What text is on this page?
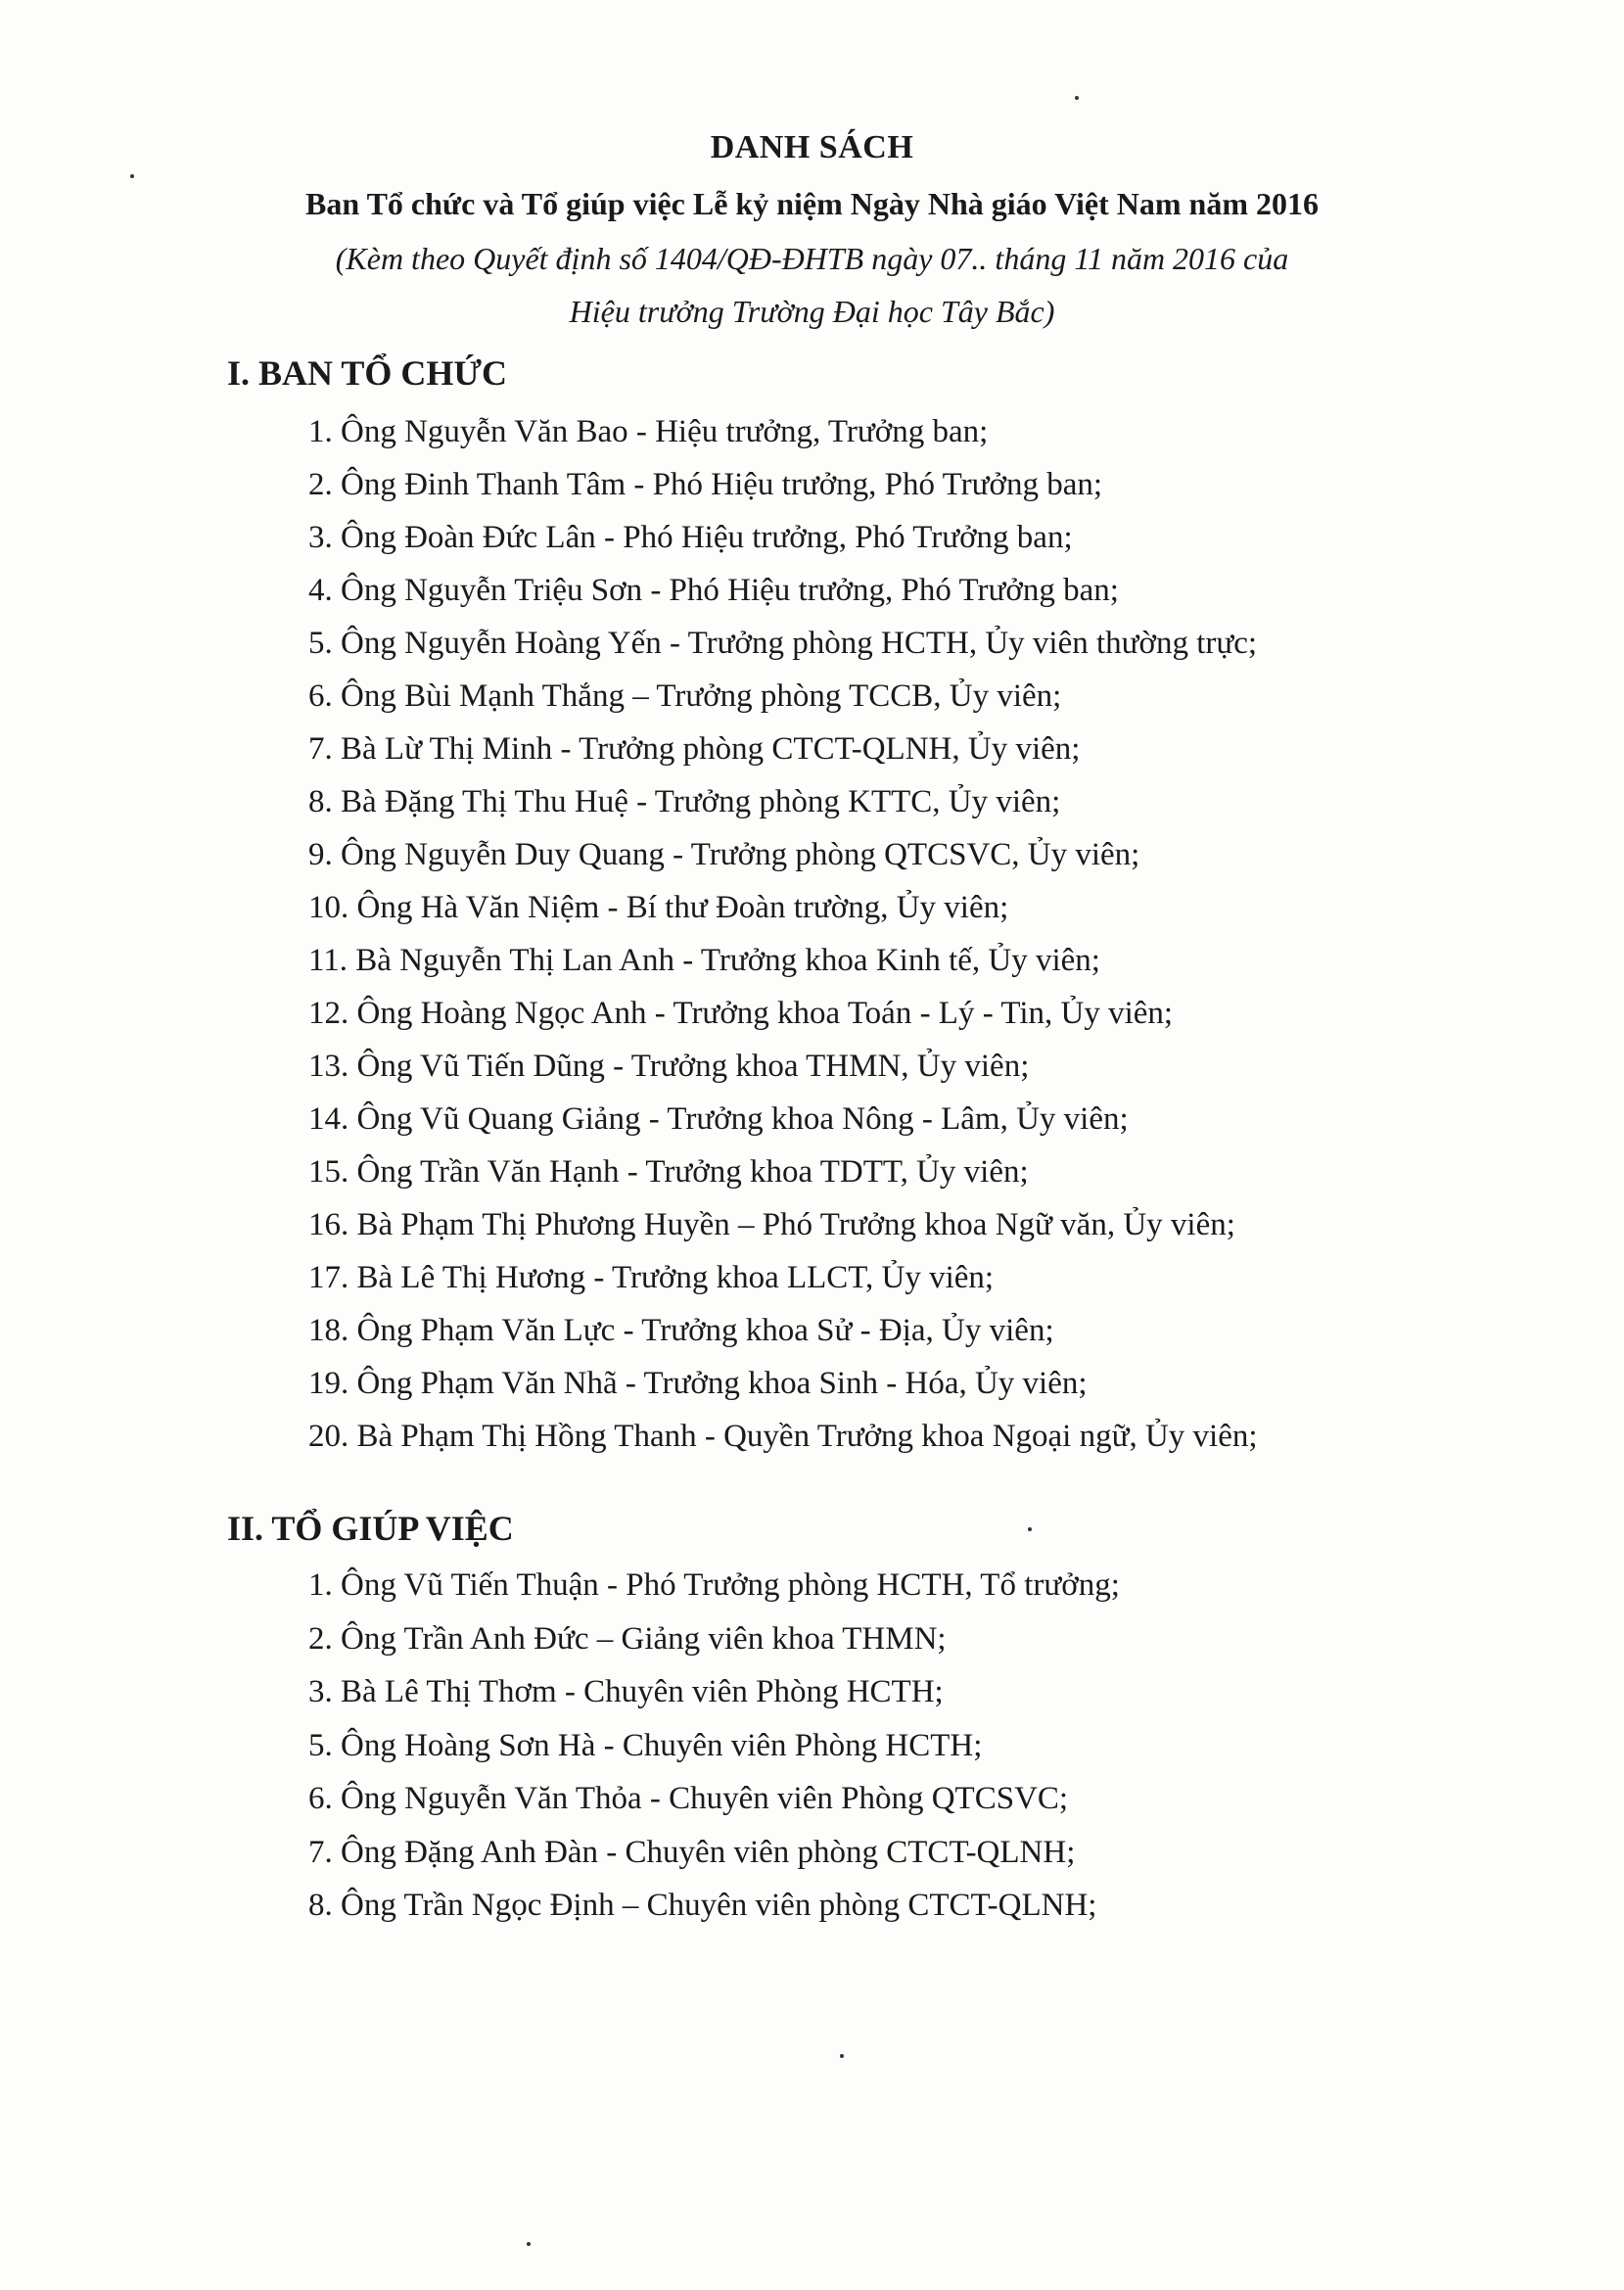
DANH SÁCH
Ban Tổ chức và Tổ giúp việc Lễ kỷ niệm Ngày Nhà giáo Việt Nam năm 2016
(Kèm theo Quyết định số 1404/QĐ-ĐHTB ngày 07.. tháng 11 năm 2016 của
Hiệu trưởng Trường Đại học Tây Bắc)
I. BAN TỔ CHỨC
1. Ông Nguyễn Văn Bao - Hiệu trưởng, Trưởng ban;
2. Ông Đinh Thanh Tâm - Phó Hiệu trưởng, Phó Trưởng ban;
3. Ông Đoàn Đức Lân - Phó Hiệu trưởng, Phó Trưởng ban;
4. Ông Nguyễn Triệu Sơn - Phó Hiệu trưởng, Phó Trưởng ban;
5. Ông Nguyễn Hoàng Yến - Trưởng phòng HCTH, Ủy viên thường trực;
6. Ông Bùi Mạnh Thắng – Trưởng phòng TCCB, Ủy viên;
7. Bà Lừ Thị Minh - Trưởng phòng CTCT-QLNH, Ủy viên;
8. Bà Đặng Thị Thu Huệ - Trưởng phòng KTTC, Ủy viên;
9. Ông Nguyễn Duy Quang - Trưởng phòng QTCSVC, Ủy viên;
10. Ông Hà Văn Niệm - Bí thư Đoàn trường, Ủy viên;
11. Bà Nguyễn Thị Lan Anh - Trưởng khoa Kinh tế, Ủy viên;
12. Ông Hoàng Ngọc Anh - Trưởng khoa Toán - Lý - Tin, Ủy viên;
13. Ông Vũ Tiến Dũng - Trưởng khoa THMN, Ủy viên;
14. Ông Vũ Quang Giảng - Trưởng khoa Nông - Lâm, Ủy viên;
15. Ông Trần Văn Hạnh - Trưởng khoa TDTT, Ủy viên;
16. Bà Phạm Thị Phương Huyền – Phó Trưởng khoa Ngữ văn, Ủy viên;
17. Bà Lê Thị Hương - Trưởng khoa LLCT, Ủy viên;
18. Ông Phạm Văn Lực - Trưởng khoa Sử - Địa, Ủy viên;
19. Ông Phạm Văn Nhã - Trưởng khoa Sinh - Hóa, Ủy viên;
20. Bà Phạm Thị Hồng Thanh - Quyền Trưởng khoa Ngoại ngữ, Ủy viên;
II. TỔ GIÚP VIỆC
1. Ông Vũ Tiến Thuận - Phó Trưởng phòng HCTH, Tổ trưởng;
2. Ông Trần Anh Đức – Giảng viên khoa THMN;
3. Bà Lê Thị Thơm - Chuyên viên Phòng HCTH;
5. Ông Hoàng Sơn Hà - Chuyên viên Phòng HCTH;
6. Ông Nguyễn Văn Thỏa - Chuyên viên Phòng QTCSVC;
7. Ông Đặng Anh Đàn - Chuyên viên phòng CTCT-QLNH;
8. Ông Trần Ngọc Định – Chuyên viên phòng CTCT-QLNH;
